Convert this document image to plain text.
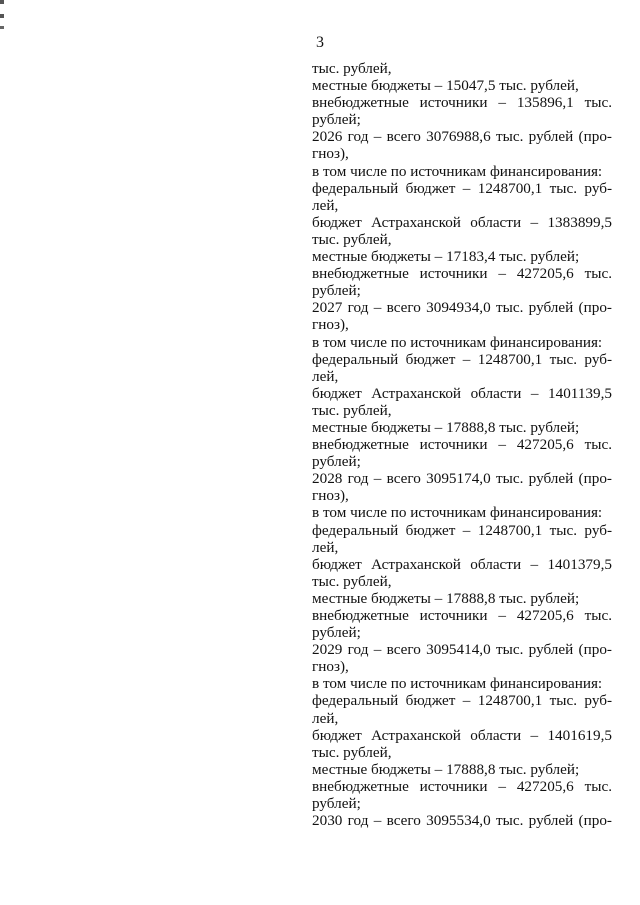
3
тыс. рублей,
местные бюджеты – 15047,5 тыс. рублей,
внебюджетные источники – 135896,1 тыс.
рублей;
2026 год – всего 3076988,6 тыс. рублей (про-
гноз),
в том числе по источникам финансирования:
федеральный бюджет – 1248700,1 тыс. руб-
лей,
бюджет Астраханской области – 1383899,5
тыс. рублей,
местные бюджеты – 17183,4 тыс. рублей;
внебюджетные источники – 427205,6 тыс.
рублей;
2027 год – всего 3094934,0 тыс. рублей (про-
гноз),
в том числе по источникам финансирования:
федеральный бюджет – 1248700,1 тыс. руб-
лей,
бюджет Астраханской области – 1401139,5
тыс. рублей,
местные бюджеты – 17888,8 тыс. рублей;
внебюджетные источники – 427205,6 тыс.
рублей;
2028 год – всего 3095174,0 тыс. рублей (про-
гноз),
в том числе по источникам финансирования:
федеральный бюджет – 1248700,1 тыс. руб-
лей,
бюджет Астраханской области – 1401379,5
тыс. рублей,
местные бюджеты – 17888,8 тыс. рублей;
внебюджетные источники – 427205,6 тыс.
рублей;
2029 год – всего 3095414,0 тыс. рублей (про-
гноз),
в том числе по источникам финансирования:
федеральный бюджет – 1248700,1 тыс. руб-
лей,
бюджет Астраханской области – 1401619,5
тыс. рублей,
местные бюджеты – 17888,8 тыс. рублей;
внебюджетные источники – 427205,6 тыс.
рублей;
2030 год – всего 3095534,0 тыс. рублей (про-
